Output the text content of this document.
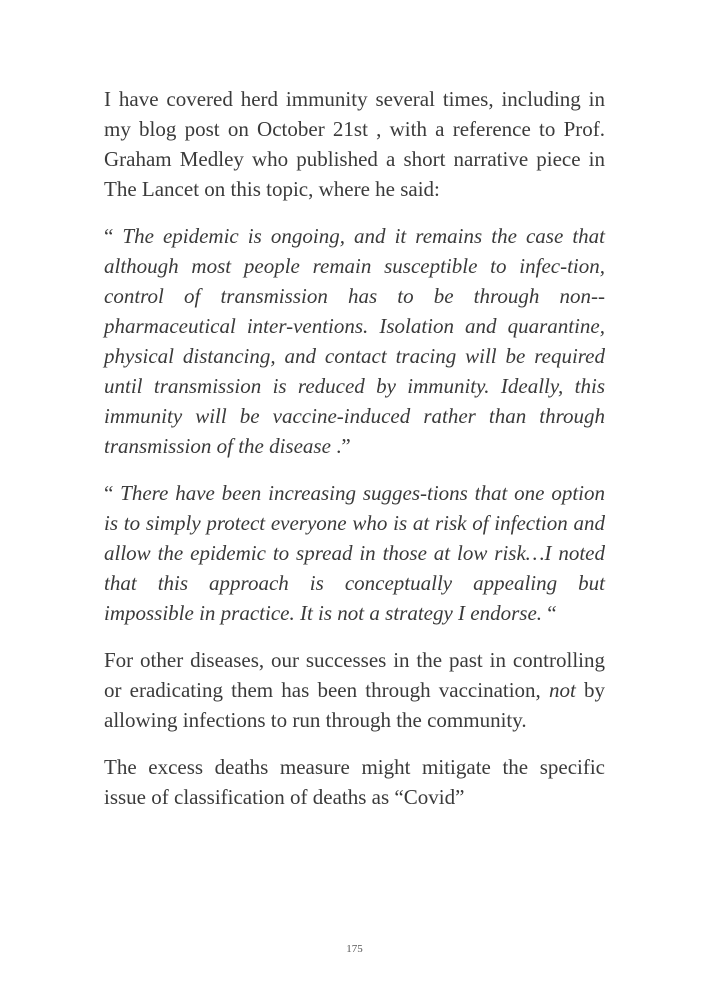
I have covered herd immunity several times, including in my blog post on October 21st , with a reference to Prof. Graham Medley who published a short narrative piece in The Lancet on this topic, where he said:

“ The epidemic is ongoing, and it remains the case that although most people remain susceptible to infec-tion, control of transmission has to be through non--pharmaceutical inter-ventions. Isolation and quarantine, physical distancing, and contact tracing will be required until transmission is reduced by immunity. Ideally, this immunity will be vaccine-induced rather than through transmission of the disease .”

“ There have been increasing sugges-tions that one option is to simply protect everyone who is at risk of infection and allow the epidemic to spread in those at low risk…I noted that this approach is conceptually appealing but impossible in practice. It is not a strategy I endorse. “

For other diseases, our successes in the past in controlling or eradicating them has been through vaccination, not by allowing infections to run through the community.

The excess deaths measure might mitigate the specific issue of classification of deaths as “Covid”

175
